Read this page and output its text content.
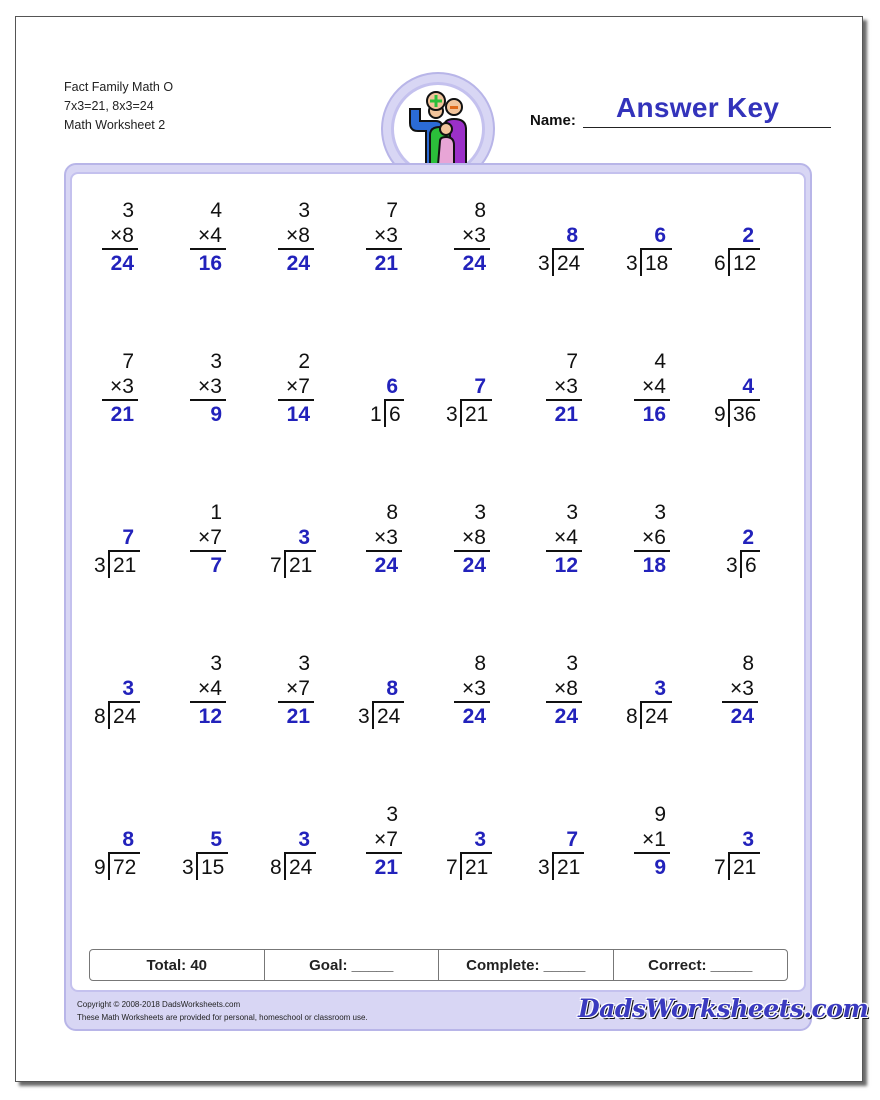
Fact Family Math O
7x3=21, 8x3=24
Math Worksheet 2	Name: Answer Key
3
×8
24
4
×4
16
3
×8
24
7
×3
21
8
×3
24
8
3 24
6
3 18
2
6 12
7
×3
21
3
×3
9
2
×7
14
6
1 6
7
3 21
7
×3
21
4
×4
16
4
9 36
7
3 21
1
×7
7
3
7 21
8
×3
24
3
×8
24
3
×4
12
3
×6
18
2
3 6
3
8 24
3
×4
12
3
×7
21
8
3 24
8
×3
24
3
×8
24
3
8 24
8
×3
24
8
9 72
5
3 15
3
8 24
3
×7
21
3
7 21
7
3 21
9
×1
9
3
7 21
Total: 40	Goal: _____	Complete: _____	Correct: _____
Copyright © 2008-2018 DadsWorksheets.com
These Math Worksheets are provided for personal, homeschool or classroom use.	DadsWorksheets.com
